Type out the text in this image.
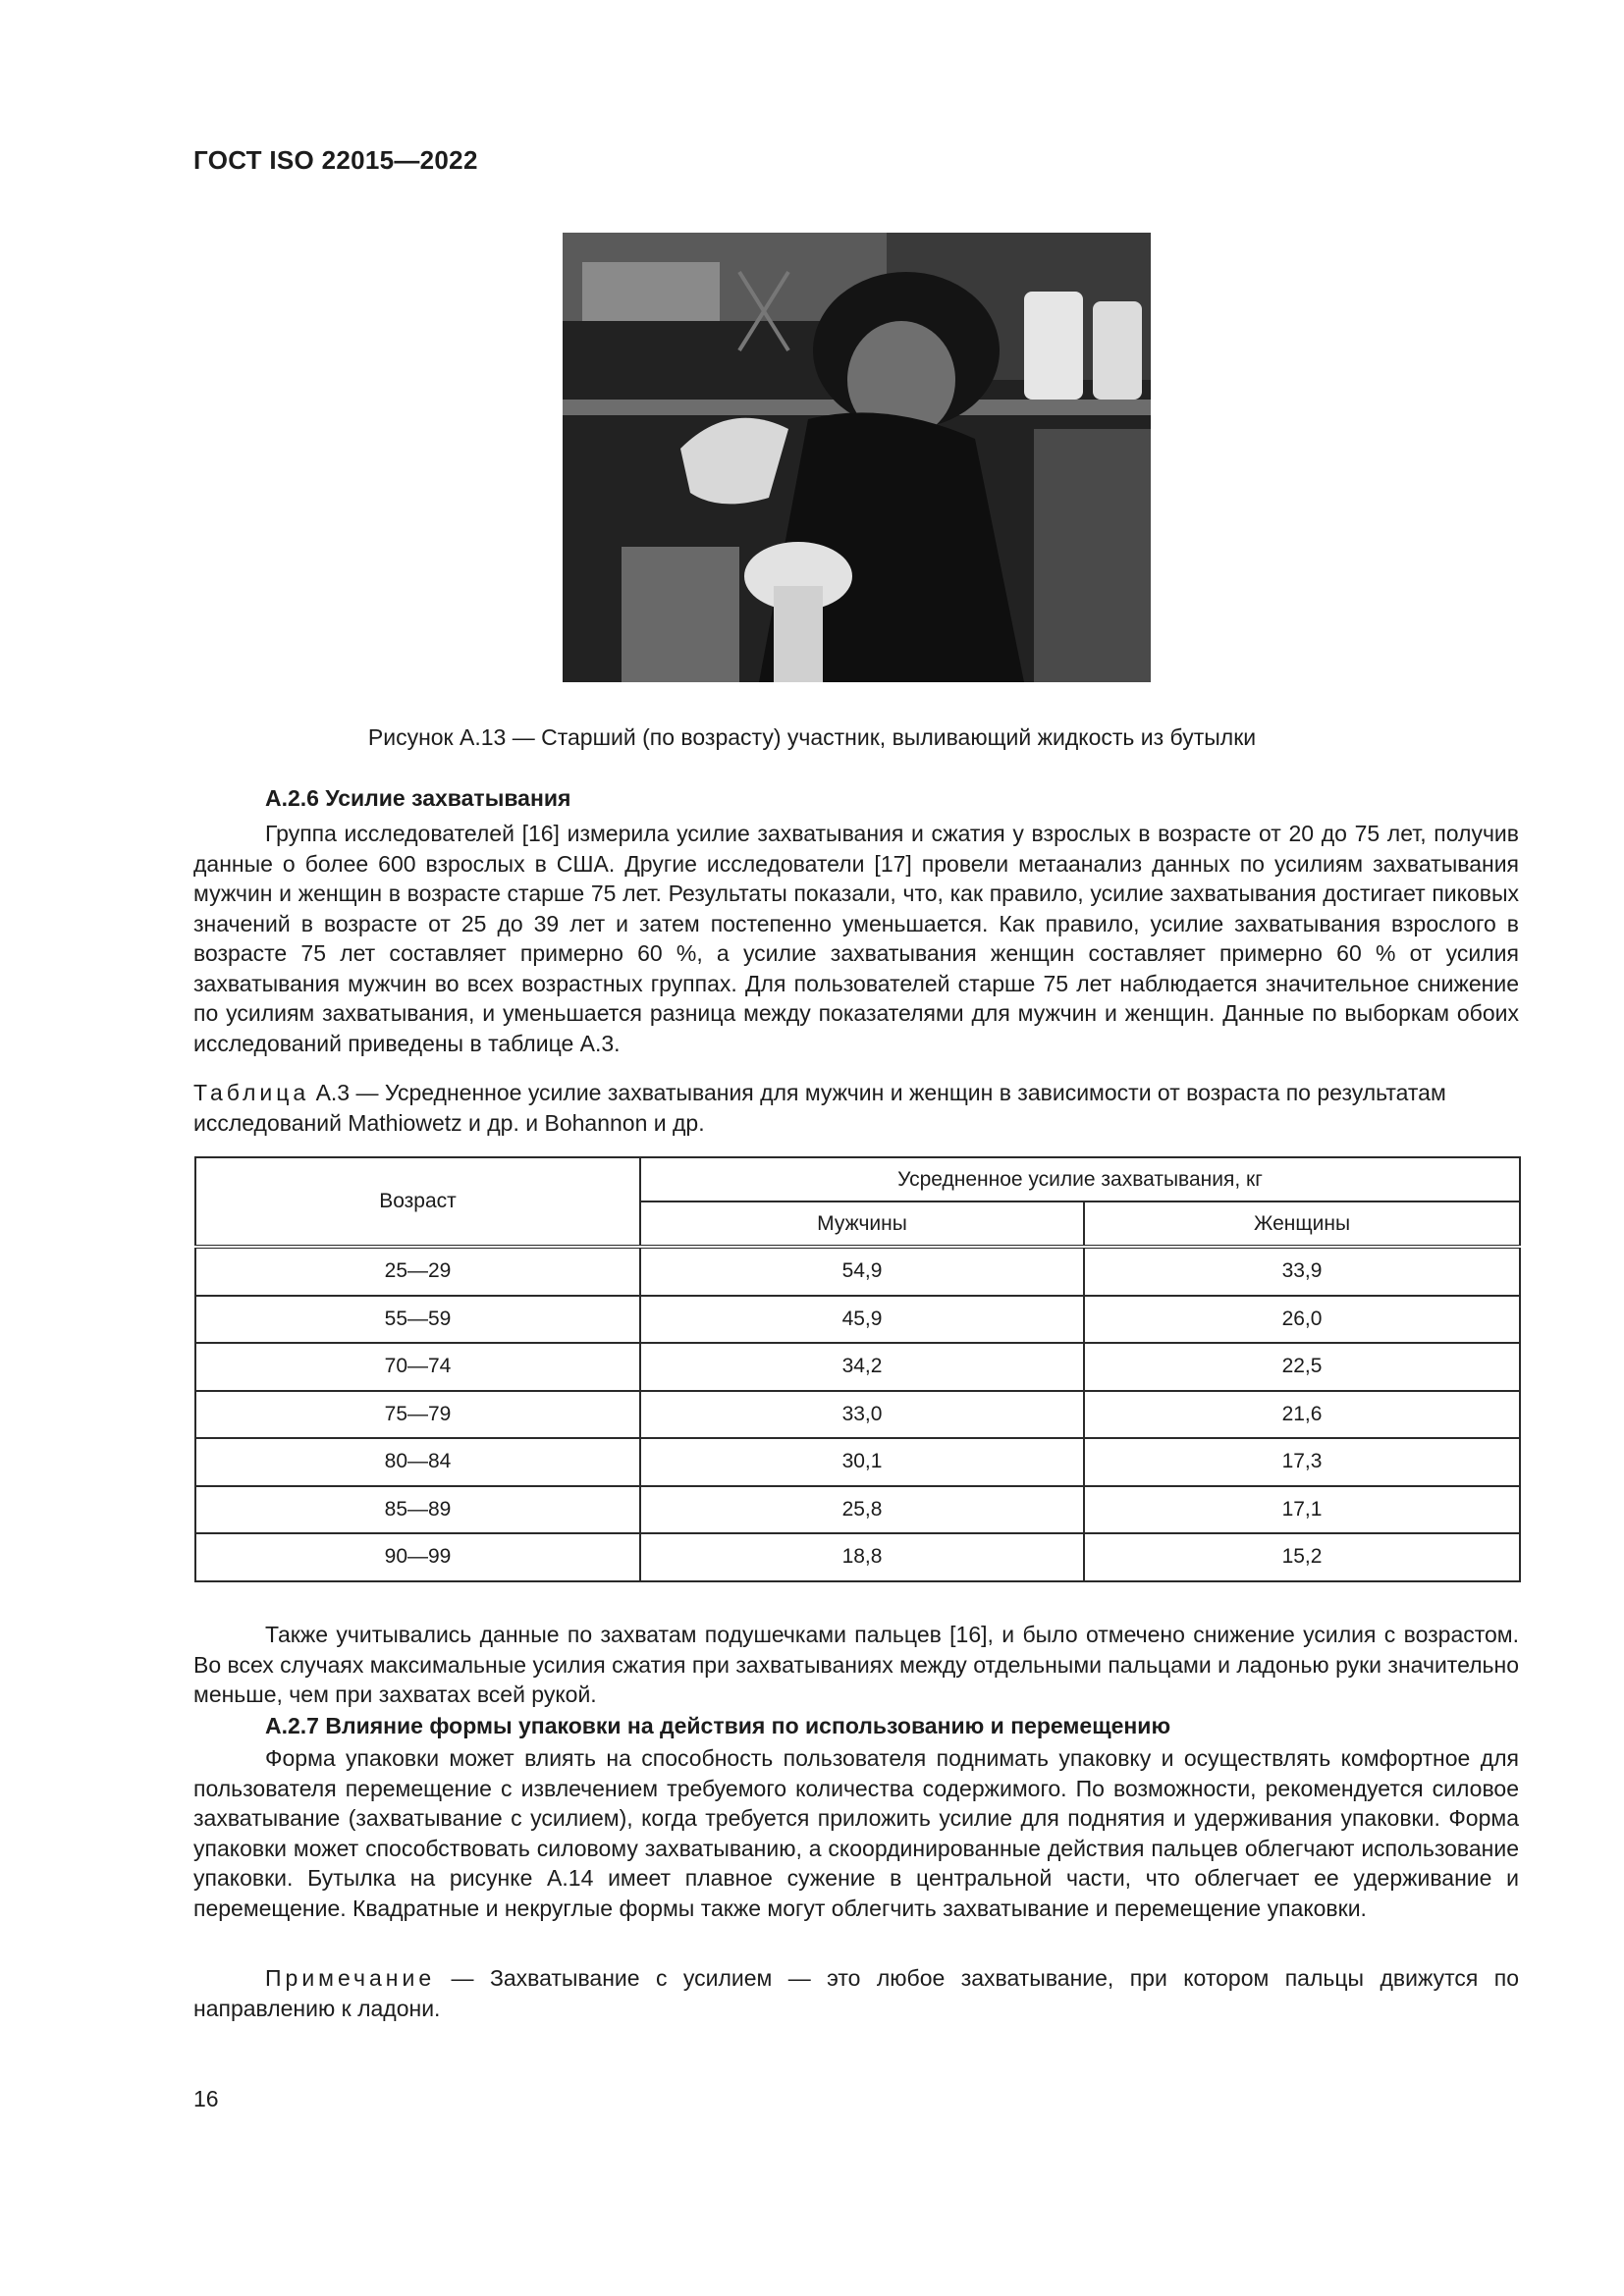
ГОСТ ISO 22015—2022
Рисунок А.13 — Старший (по возрасту) участник, выливающий жидкость из бутылки
А.2.6 Усилие захватывания

Группа исследователей [16] измерила усилие захватывания и сжатия у взрослых в возрасте от 20 до 75 лет, получив данные о более 600 взрослых в США. Другие исследователи [17] провели метаанализ данных по усилиям захватывания мужчин и женщин в возрасте старше 75 лет. Результаты показали, что, как правило, усилие захватывания достигает пиковых значений в возрасте от 25 до 39 лет и затем постепенно уменьшается. Как правило, усилие захватывания взрослого в возрасте 75 лет составляет примерно 60 %, а усилие захватывания женщин составляет примерно 60 % от усилия захватывания мужчин во всех возрастных группах. Для пользователей старше 75 лет наблюдается значительное снижение по усилиям захватывания, и уменьшается разница между показателями для мужчин и женщин. Данные по выборкам обоих исследований приведены в таблице А.3.

Таблица А.3 — Усредненное усилие захватывания для мужчин и женщин в зависимости от возраста по результатам исследований Mathiowetz и др. и Bohannon и др.
Возраст	Усредненное усилие захватывания, кг	
	Мужчины	Женщины
25—29	54,9	33,9
55—59	45,9	26,0
70—74	34,2	22,5
75—79	33,0	21,6
80—84	30,1	17,3
85—89	25,8	17,1
90—99	18,8	15,2

Также учитывались данные по захватам подушечками пальцев [16], и было отмечено снижение усилия с возрастом. Во всех случаях максимальные усилия сжатия при захватываниях между отдельными пальцами и ладонью руки значительно меньше, чем при захватах всей рукой.

А.2.7 Влияние формы упаковки на действия по использованию и перемещению

Форма упаковки может влиять на способность пользователя поднимать упаковку и осуществлять комфортное для пользователя перемещение с извлечением требуемого количества содержимого. По возможности, рекомендуется силовое захватывание (захватывание с усилием), когда требуется приложить усилие для поднятия и удерживания упаковки. Форма упаковки может способствовать силовому захватыванию, а скоординированные действия пальцев облегчают использование упаковки. Бутылка на рисунке А.14 имеет плавное сужение в центральной части, что облегчает ее удерживание и перемещение. Квадратные и некруглые формы также могут облегчить захватывание и перемещение упаковки.

Примечание — Захватывание с усилием — это любое захватывание, при котором пальцы движутся по направлению к ладони.
16
